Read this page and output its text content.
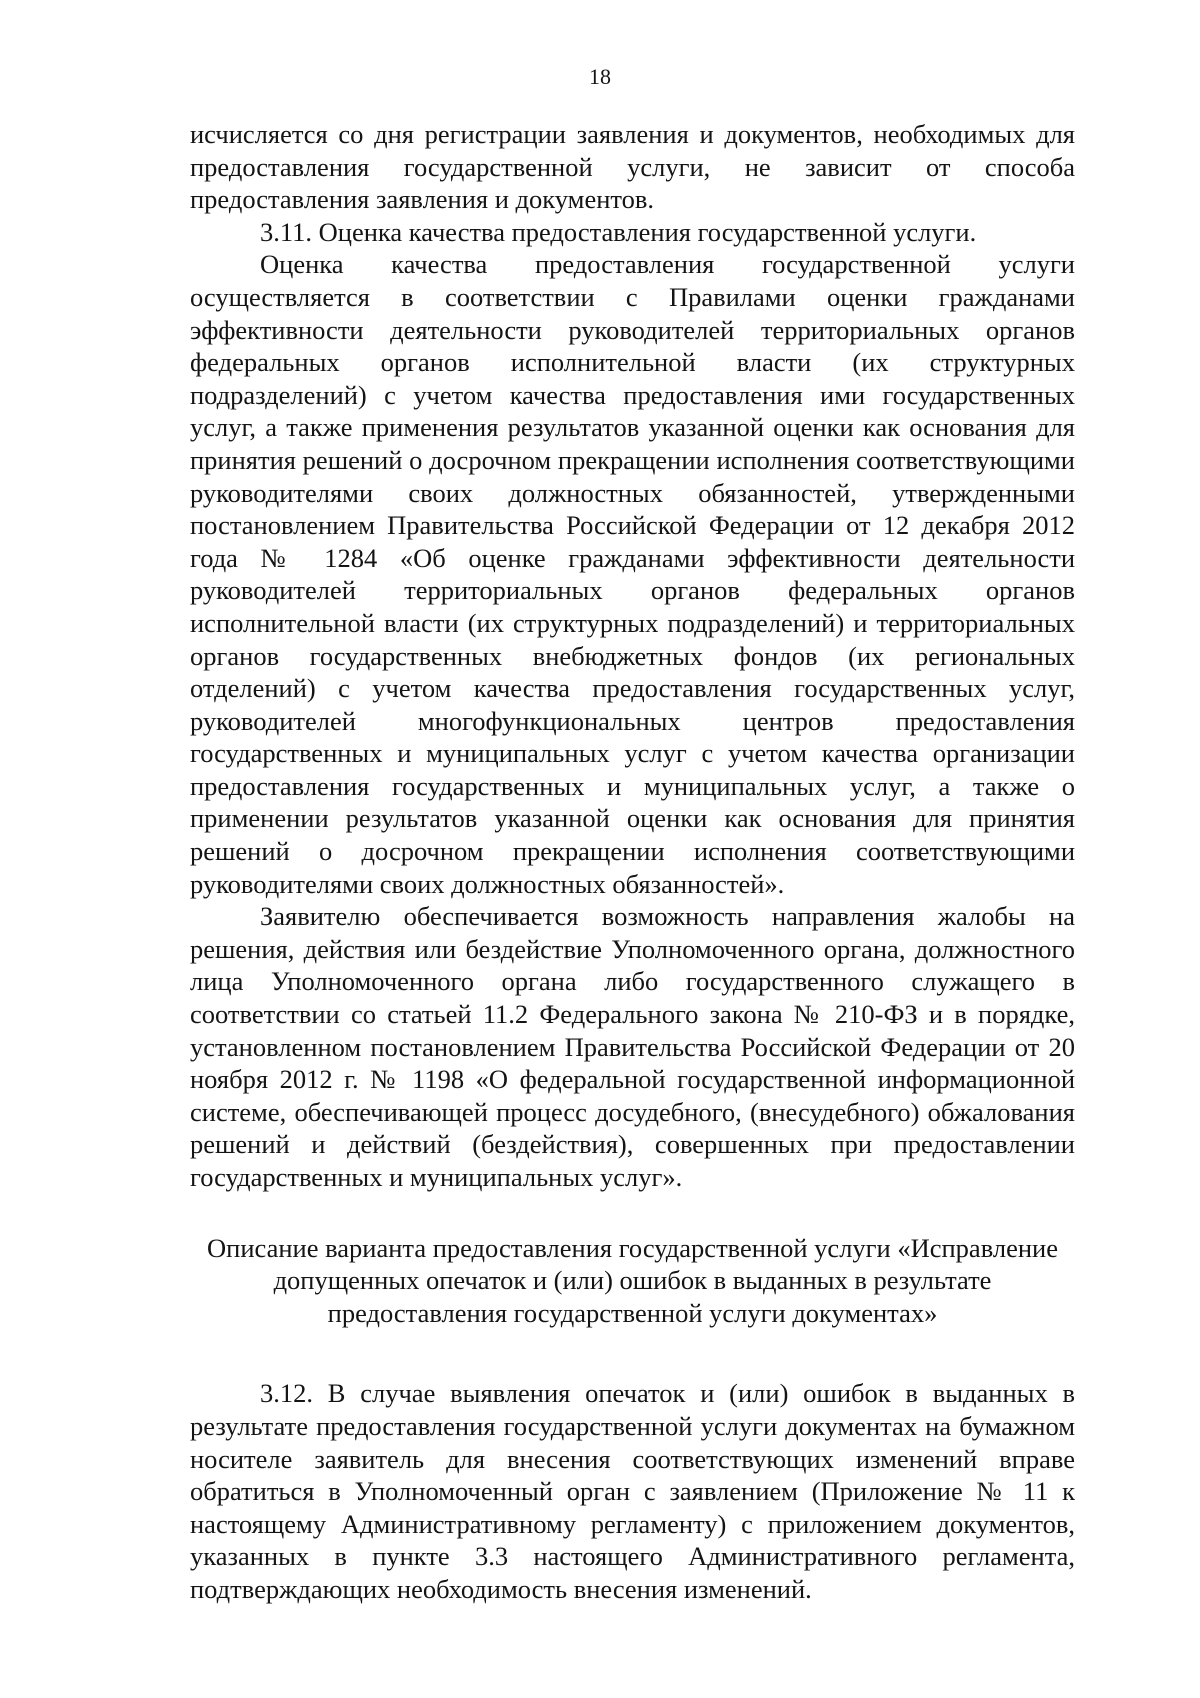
18

исчисляется со дня регистрации заявления и документов, необходимых для предоставления государственной услуги, не зависит от способа предоставления заявления и документов.

3.11. Оценка качества предоставления государственной услуги.

Оценка качества предоставления государственной услуги осуществляется в соответствии с Правилами оценки гражданами эффективности деятельности руководителей территориальных органов федеральных органов исполнительной власти (их структурных подразделений) с учетом качества предоставления ими государственных услуг, а также применения результатов указанной оценки как основания для принятия решений о досрочном прекращении исполнения соответствующими руководителями своих должностных обязанностей, утвержденными постановлением Правительства Российской Федерации от 12 декабря 2012 года № 1284 «Об оценке гражданами эффективности деятельности руководителей территориальных органов федеральных органов исполнительной власти (их структурных подразделений) и территориальных органов государственных внебюджетных фондов (их региональных отделений) с учетом качества предоставления государственных услуг, руководителей многофункциональных центров предоставления государственных и муниципальных услуг с учетом качества организации предоставления государственных и муниципальных услуг, а также о применении результатов указанной оценки как основания для принятия решений о досрочном прекращении исполнения соответствующими руководителями своих должностных обязанностей».

Заявителю обеспечивается возможность направления жалобы на решения, действия или бездействие Уполномоченного органа, должностного лица Уполномоченного органа либо государственного служащего в соответствии со статьей 11.2 Федерального закона № 210-ФЗ и в порядке, установленном постановлением Правительства Российской Федерации от 20 ноября 2012 г. № 1198 «О федеральной государственной информационной системе, обеспечивающей процесс досудебного, (внесудебного) обжалования решений и действий (бездействия), совершенных при предоставлении государственных и муниципальных услуг».

Описание варианта предоставления государственной услуги «Исправление
допущенных опечаток и (или) ошибок в выданных в результате
предоставления государственной услуги документах»

3.12. В случае выявления опечаток и (или) ошибок в выданных в результате предоставления государственной услуги документах на бумажном носителе заявитель для внесения соответствующих изменений вправе обратиться в Уполномоченный орган с заявлением (Приложение № 11 к настоящему Административному регламенту) с приложением документов, указанных в пункте 3.3 настоящего Административного регламента, подтверждающих необходимость внесения изменений.
